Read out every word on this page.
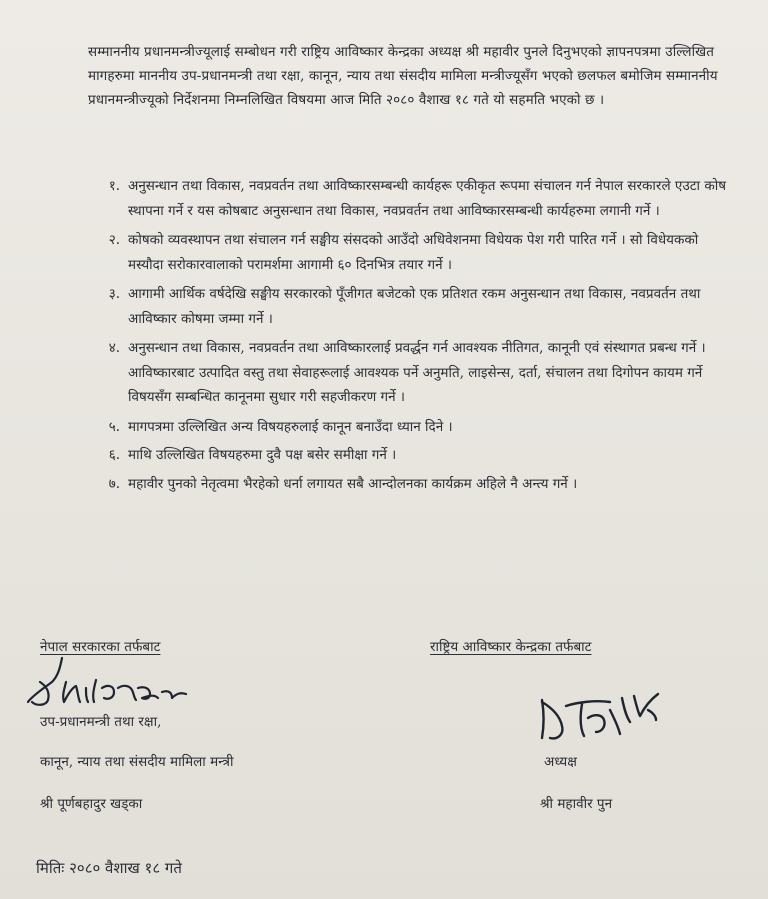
सम्माननीय प्रधानमन्त्रीज्यूलाई सम्बोधन गरी राष्ट्रिय आविष्कार केन्द्रका अध्यक्ष श्री महावीर पुनले दिनुभएको ज्ञापनपत्रमा उल्लिखित मागहरुमा माननीय उप-प्रधानमन्त्री तथा रक्षा, कानून, न्याय तथा संसदीय मामिला मन्त्रीज्यूसँग भएको छलफल बमोजिम सम्माननीय प्रधानमन्त्रीज्यूको निर्देशनमा निम्नलिखित विषयमा आज मिति २०८० वैशाख १८ गते यो सहमति भएको छ ।
१. अनुसन्धान तथा विकास, नवप्रवर्तन तथा आविष्कारसम्बन्धी कार्यहरू एकीकृत रूपमा संचालन गर्न नेपाल सरकारले एउटा कोष स्थापना गर्ने र यस कोषबाट अनुसन्धान तथा विकास, नवप्रवर्तन तथा आविष्कारसम्बन्धी कार्यहरुमा लगानी गर्ने ।
२. कोषको व्यवस्थापन तथा संचालन गर्न सङ्घीय संसदको आउँदो अधिवेशनमा विधेयक पेश गरी पारित गर्ने । सो विधेयकको मस्यौदा सरोकारवालाको परामर्शमा आगामी ६० दिनभित्र तयार गर्ने ।
३. आगामी आर्थिक वर्षदेखि सङ्घीय सरकारको पूँजीगत बजेटको एक प्रतिशत रकम अनुसन्धान तथा विकास, नवप्रवर्तन तथा आविष्कार कोषमा जम्मा गर्ने ।
४. अनुसन्धान तथा विकास, नवप्रवर्तन तथा आविष्कारलाई प्रवर्द्धन गर्न आवश्यक नीतिगत, कानूनी एवं संस्थागत प्रबन्ध गर्ने । आविष्कारबाट उत्पादित वस्तु तथा सेवाहरूलाई आवश्यक पर्ने अनुमति, लाइसेन्स, दर्ता, संचालन तथा दिगोपन कायम गर्ने विषयसँग सम्बन्धित कानूनमा सुधार गरी सहजीकरण गर्ने ।
५. मागपत्रमा उल्लिखित अन्य विषयहरुलाई कानून बनाउँदा ध्यान दिने ।
६. माथि उल्लिखित विषयहरुमा दुवै पक्ष बसेर समीक्षा गर्ने ।
७. महावीर पुनको नेतृत्वमा भैरहेको धर्ना लगायत सबै आन्दोलनका कार्यक्रम अहिले नै अन्त्य गर्ने ।
नेपाल सरकारका तर्फबाट
उप-प्रधानमन्त्री तथा रक्षा,
कानून, न्याय तथा संसदीय मामिला मन्त्री
श्री पूर्णबहादुर खड्का
राष्ट्रिय आविष्कार केन्द्रका तर्फबाट
अध्यक्ष
श्री महावीर पुन
मितिः २०८० वैशाख १८ गते
